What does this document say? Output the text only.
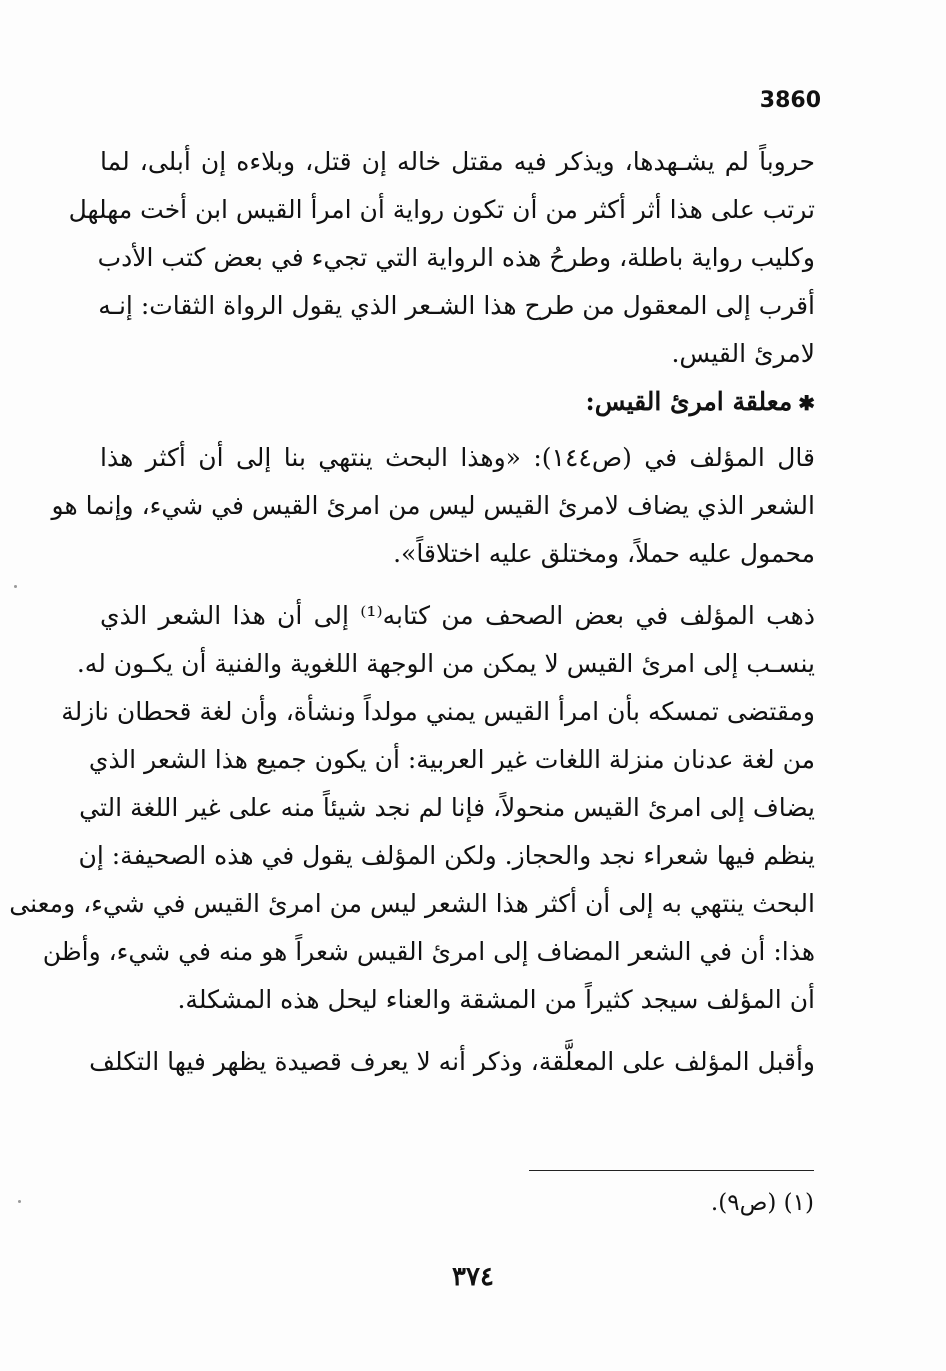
3860
حروباً لم يشـهدها، ويذكر فيه مقتل خاله إن قتل، وبلاءه إن أبلى، لما
ترتب على هذا أثر أكثر من أن تكون رواية أن امرأ القيس ابن أخت مهلهل
وكليب رواية باطلة، وطرحُ هذه الرواية التي تجيء في بعض كتب الأدب
أقرب إلى المعقول من طرح هذا الشـعر الذي يقول الرواة الثقات: إنـه
لامرئ القيس.
✱معلقة امرئ القيس:
قال المؤلف في (ص١٤٤): «وهذا البحث ينتهي بنا إلى أن أكثر هذا
الشعر الذي يضاف لامرئ القيس ليس من امرئ القيس في شيء، وإنما هو
محمول عليه حملاً، ومختلق عليه اختلاقاً».
ذهب المؤلف في بعض الصحف من كتابه⁽¹⁾ إلى أن هذا الشعر الذي
ينسـب إلى امرئ القيس لا يمكن من الوجهة اللغوية والفنية أن يكـون له.
ومقتضى تمسكه بأن امرأ القيس يمني مولداً ونشأة، وأن لغة قحطان نازلة
من لغة عدنان منزلة اللغات غير العربية: أن يكون جميع هذا الشعر الذي
يضاف إلى امرئ القيس منحولاً، فإنا لم نجد شيئاً منه على غير اللغة التي
ينظم فيها شعراء نجد والحجاز. ولكن المؤلف يقول في هذه الصحيفة: إن
البحث ينتهي به إلى أن أكثر هذا الشعر ليس من امرئ القيس في شيء، ومعنى
هذا: أن في الشعر المضاف إلى امرئ القيس شعراً هو منه في شيء، وأظن
أن المؤلف سيجد كثيراً من المشقة والعناء ليحل هذه المشكلة.
وأقبل المؤلف على المعلَّقة، وذكر أنه لا يعرف قصيدة يظهر فيها التكلف
(١) (ص٩).
٣٧٤
